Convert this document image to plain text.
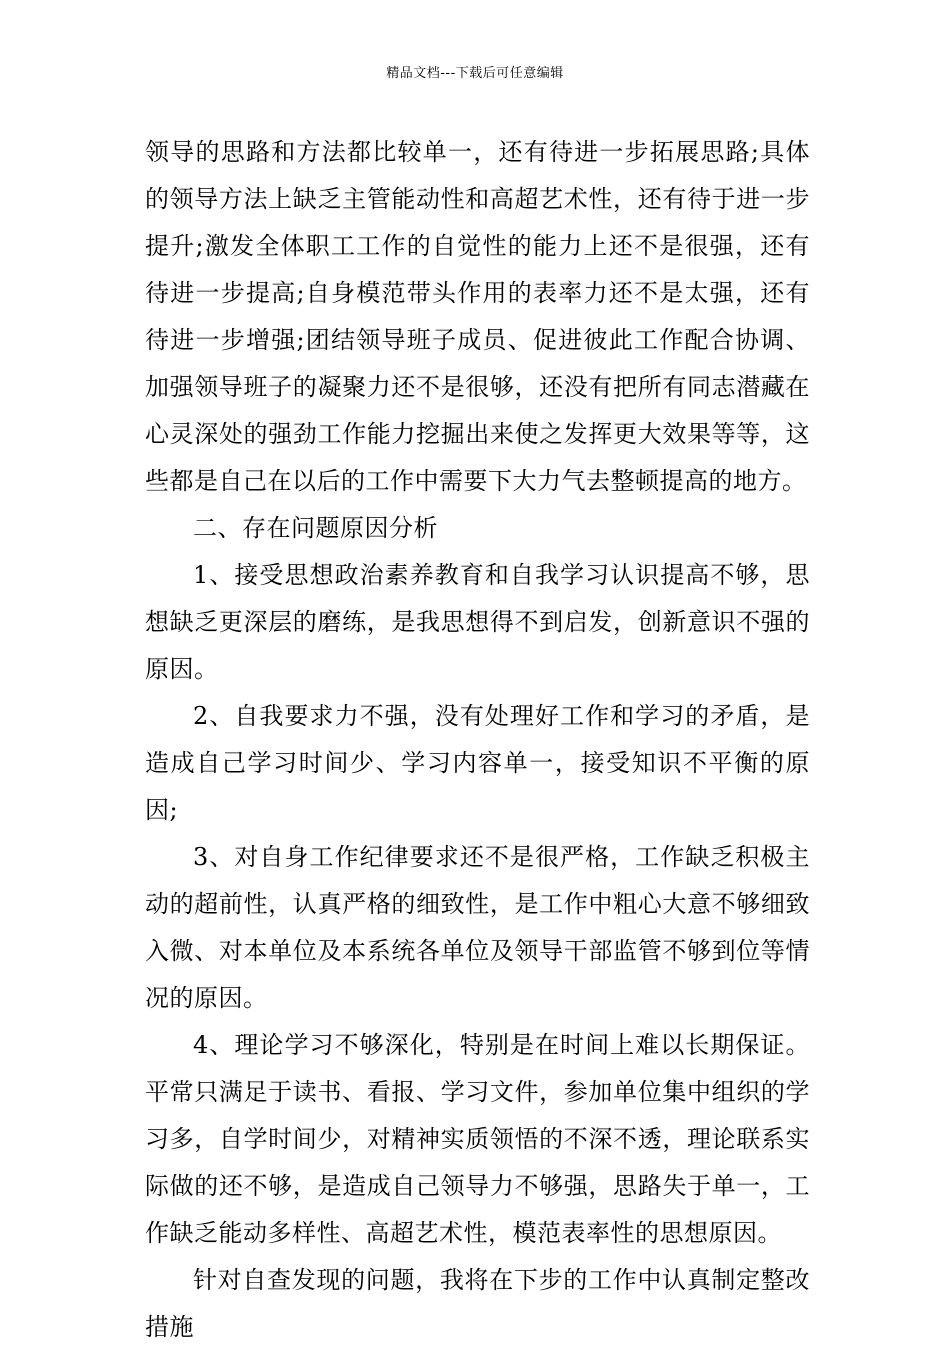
精品文档---下载后可任意编辑

领导的思路和方法都比较单一，还有待进一步拓展思路;具体的领导方法上缺乏主管能动性和高超艺术性，还有待于进一步提升;激发全体职工工作的自觉性的能力上还不是很强，还有待进一步提高;自身模范带头作用的表率力还不是太强，还有待进一步增强;团结领导班子成员、促进彼此工作配合协调、加强领导班子的凝聚力还不是很够，还没有把所有同志潜藏在心灵深处的强劲工作能力挖掘出来使之发挥更大效果等等，这些都是自己在以后的工作中需要下大力气去整顿提高的地方。

二、存在问题原因分析

1、接受思想政治素养教育和自我学习认识提高不够，思想缺乏更深层的磨练，是我思想得不到启发，创新意识不强的原因。

2、自我要求力不强，没有处理好工作和学习的矛盾，是造成自己学习时间少、学习内容单一，接受知识不平衡的原因;

3、对自身工作纪律要求还不是很严格，工作缺乏积极主动的超前性，认真严格的细致性，是工作中粗心大意不够细致入微、对本单位及本系统各单位及领导干部监管不够到位等情况的原因。

4、理论学习不够深化，特别是在时间上难以长期保证。平常只满足于读书、看报、学习文件，参加单位集中组织的学习多，自学时间少，对精神实质领悟的不深不透，理论联系实际做的还不够，是造成自己领导力不够强，思路失于单一，工作缺乏能动多样性、高超艺术性，模范表率性的思想原因。

针对自查发现的问题，我将在下步的工作中认真制定整改措施
